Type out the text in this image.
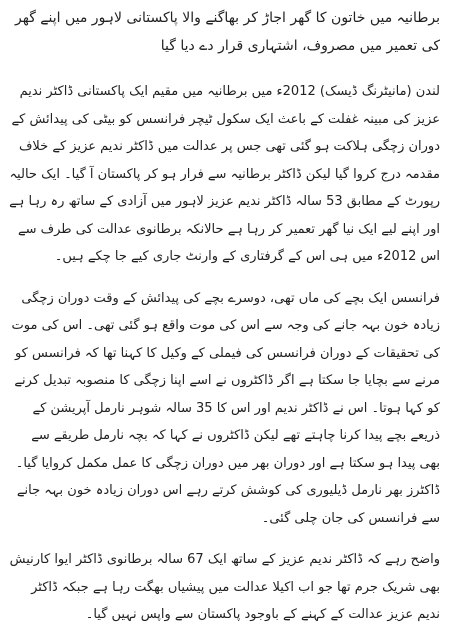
برطانیہ میں خاتون کا گھر اجاڑ کر بھاگنے والا پاکستانی لاہور میں اپنے گھر کی تعمیر میں مصروف، اشتہاری قرار دے دیا گیا

لندن (مانیٹرنگ ڈیسک) 2012ء میں برطانیہ میں مقیم ایک پاکستانی ڈاکٹر ندیم عزیز کی مبینہ غفلت کے باعث ایک سکول ٹیچر فرانسس کو بیٹی کی پیدائش کے دوران زچگی ہلاکت ہو گئی تھی جس پر عدالت میں ڈاکٹر ندیم عزیز کے خلاف مقدمہ درج کروا گیا لیکن ڈاکٹر برطانیہ سے فرار ہو کر پاکستان آ گیا۔ ایک حالیہ رپورٹ کے مطابق 53 سالہ ڈاکٹر ندیم عزیز لاہور میں آزادی کے ساتھ رہ رہا ہے اور اپنے لیے ایک نیا گھر تعمیر کر رہا ہے حالانکہ برطانوی عدالت کی طرف سے اس 2012ء میں ہی اس کے گرفتاری کے وارنٹ جاری کیے جا چکے ہیں۔

فرانسس ایک بچے کی ماں تھی، دوسرے بچے کی پیدائش کے وقت دوران زچگی زیادہ خون بہہ جانے کی وجہ سے اس کی موت واقع ہو گئی تھی۔ اس کی موت کی تحقیقات کے دوران فرانسس کی فیملی کے وکیل کا کہنا تھا کہ فرانسس کو مرنے سے بچایا جا سکتا ہے اگر ڈاکٹروں نے اسے اپنا زچگی کا منصوبہ تبدیل کرنے کو کہا ہوتا۔ اس نے ڈاکٹر ندیم اور اس کا 35 سالہ شوہر نارمل آپریشن کے ذریعے بچے پیدا کرنا چاہتے تھے لیکن ڈاکٹروں نے کہا کہ بچہ نارمل طریقے سے بھی پیدا ہو سکتا ہے اور دوران بھر میں دوران زچگی کا عمل مکمل کروایا گیا۔ ڈاکٹرز بھر نارمل ڈیلیوری کی کوشش کرتے رہے اس دوران زیادہ خون بہہ جانے سے فرانسس کی جان چلی گئی۔

واضح رہے کہ ڈاکٹر ندیم عزیز کے ساتھ ایک 67 سالہ برطانوی ڈاکٹر ایوا کارنیش بھی شریک جرم تھا جو اب اکیلا عدالت میں پیشیاں بھگت رہا ہے جبکہ ڈاکٹر ندیم عزیز عدالت کے کہنے کے باوجود پاکستان سے واپس نہیں گیا۔
